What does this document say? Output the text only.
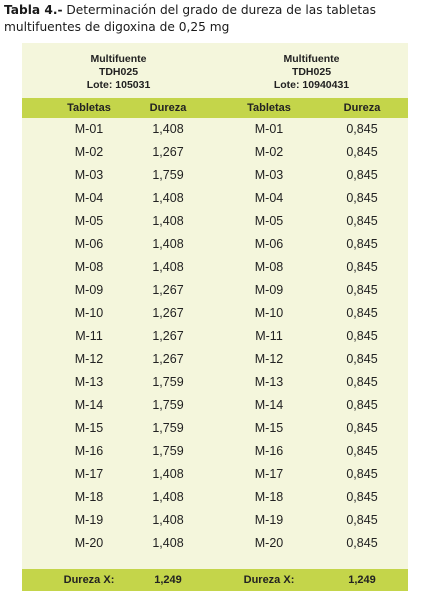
Tabla 4.- Determinación del grado de dureza de las tabletas
multifuentes de digoxina de 0,25 mg
Multifuente
TDH025
Lote: 105031
Multifuente
TDH025
Lote: 10940431
Tabletas	Dureza	Tabletas	Dureza
M-01	1,408	M-01	0,845
M-02	1,267	M-02	0,845
M-03	1,759	M-03	0,845
M-04	1,408	M-04	0,845
M-05	1,408	M-05	0,845
M-06	1,408	M-06	0,845
M-08	1,408	M-08	0,845
M-09	1,267	M-09	0,845
M-10	1,267	M-10	0,845
M-11	1,267	M-11	0,845
M-12	1,267	M-12	0,845
M-13	1,759	M-13	0,845
M-14	1,759	M-14	0,845
M-15	1,759	M-15	0,845
M-16	1,759	M-16	0,845
M-17	1,408	M-17	0,845
M-18	1,408	M-18	0,845
M-19	1,408	M-19	0,845
M-20	1,408	M-20	0,845
Dureza X:	1,249	Dureza X:	1,249
